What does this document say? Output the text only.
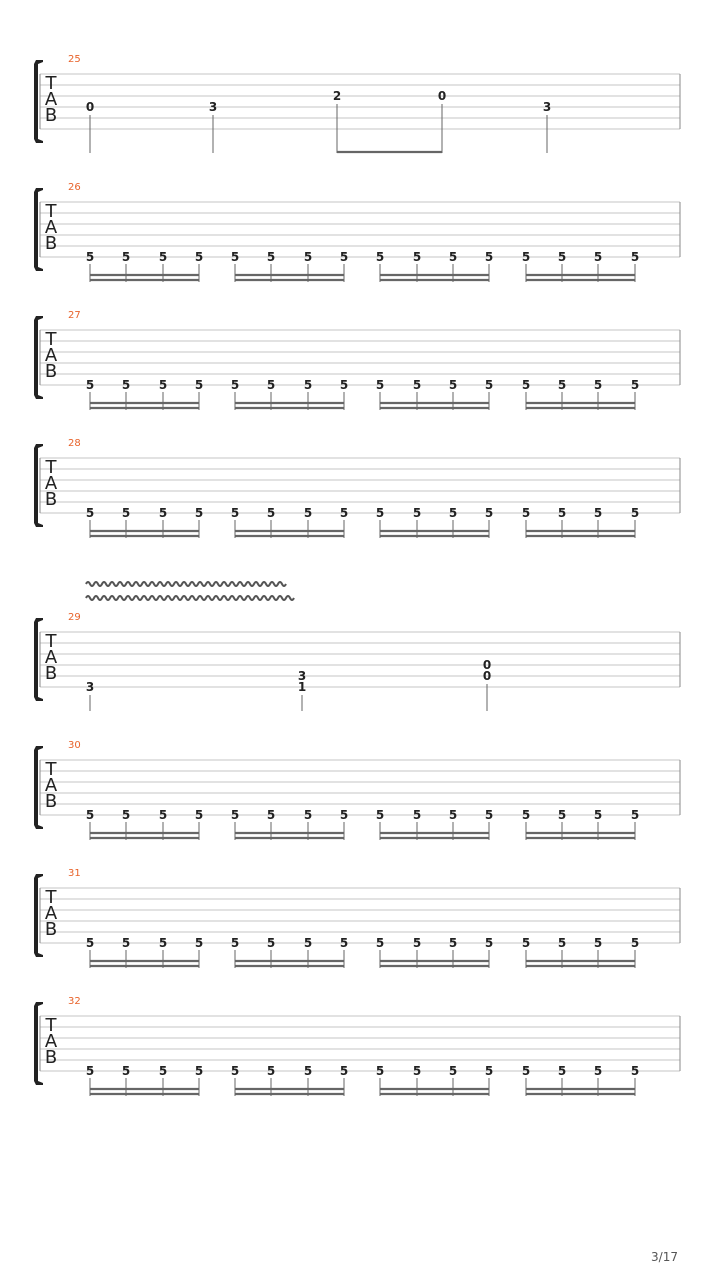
T
A
B
25
0	3
2	0
3
T
A
B
26
5 5 5 5 5 5 5 5 5 5 5 5 5 5 5 5
T
A
B
27
5 5 5 5 5 5 5 5 5 5 5 5 5 5 5 5
T
A
B
28
5 5 5 5 5 5 5 5 5 5 5 5 5 5 5 5
T
A
B
29
3
3
1
0
0
T
A
B
30
5 5 5 5 5 5 5 5 5 5 5 5 5 5 5 5
T
A
B
31
5 5 5 5 5 5 5 5 5 5 5 5 5 5 5 5
T
A
B
32
5 5 5 5 5 5 5 5 5 5 5 5 5 5 5 5
3/17
